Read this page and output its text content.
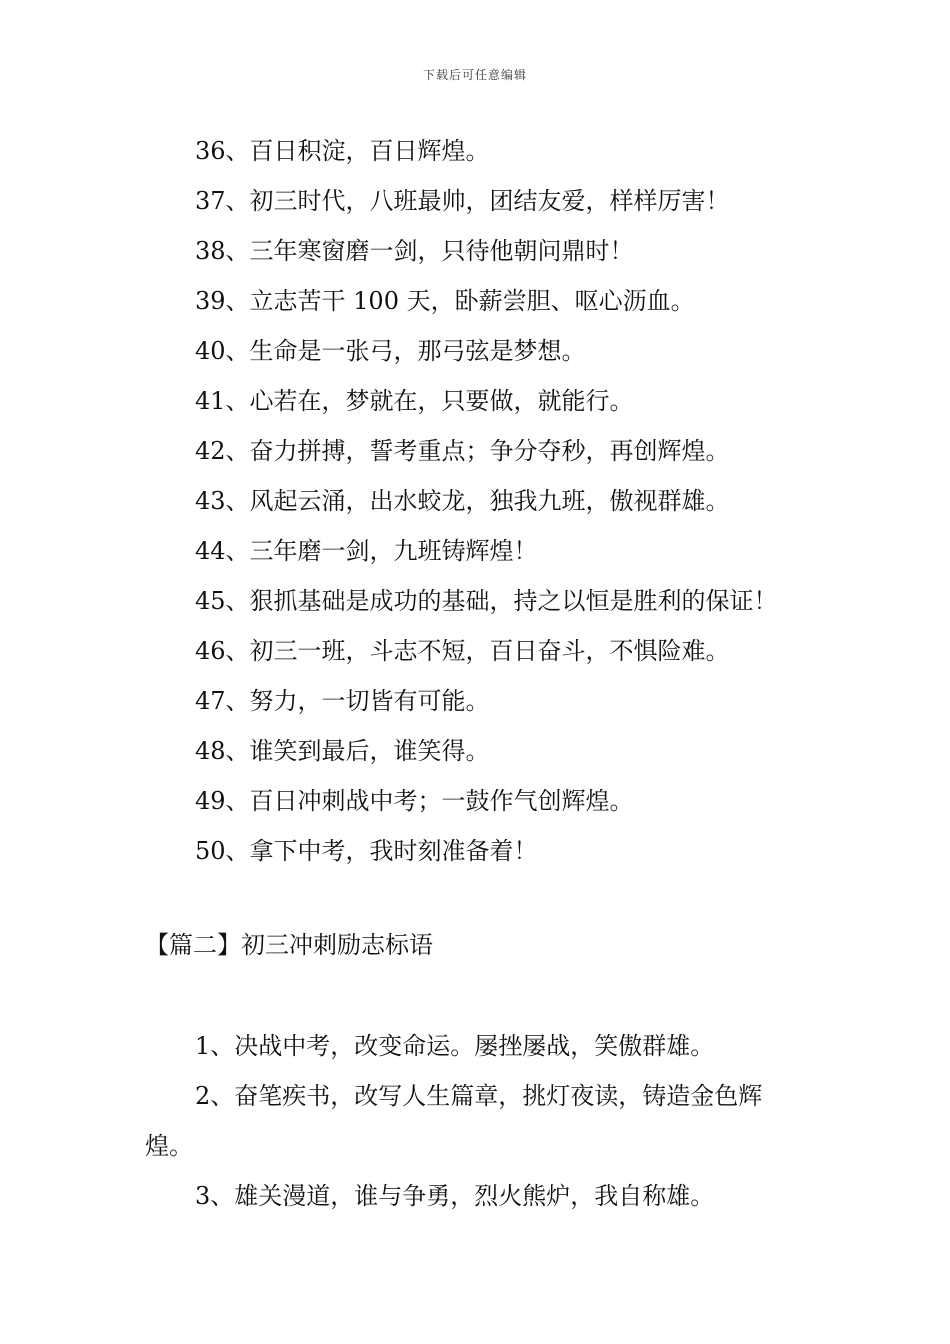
下载后可任意编辑
36、百日积淀，百日辉煌。
37、初三时代，八班最帅，团结友爱，样样厉害！
38、三年寒窗磨一剑，只待他朝问鼎时！
39、立志苦干 100 天，卧薪尝胆、呕心沥血。
40、生命是一张弓，那弓弦是梦想。
41、心若在，梦就在，只要做，就能行。
42、奋力拼搏，誓考重点；争分夺秒，再创辉煌。
43、风起云涌，出水蛟龙，独我九班，傲视群雄。
44、三年磨一剑，九班铸辉煌！
45、狠抓基础是成功的基础，持之以恒是胜利的保证！
46、初三一班，斗志不短，百日奋斗，不惧险难。
47、努力，一切皆有可能。
48、谁笑到最后，谁笑得。
49、百日冲刺战中考；一鼓作气创辉煌。
50、拿下中考，我时刻准备着！
【篇二】初三冲刺励志标语

1、决战中考，改变命运。屡挫屡战，笑傲群雄。

2、奋笔疾书，改写人生篇章，挑灯夜读，铸造金色辉煌。

3、雄关漫道，谁与争勇，烈火熊炉，我自称雄。
